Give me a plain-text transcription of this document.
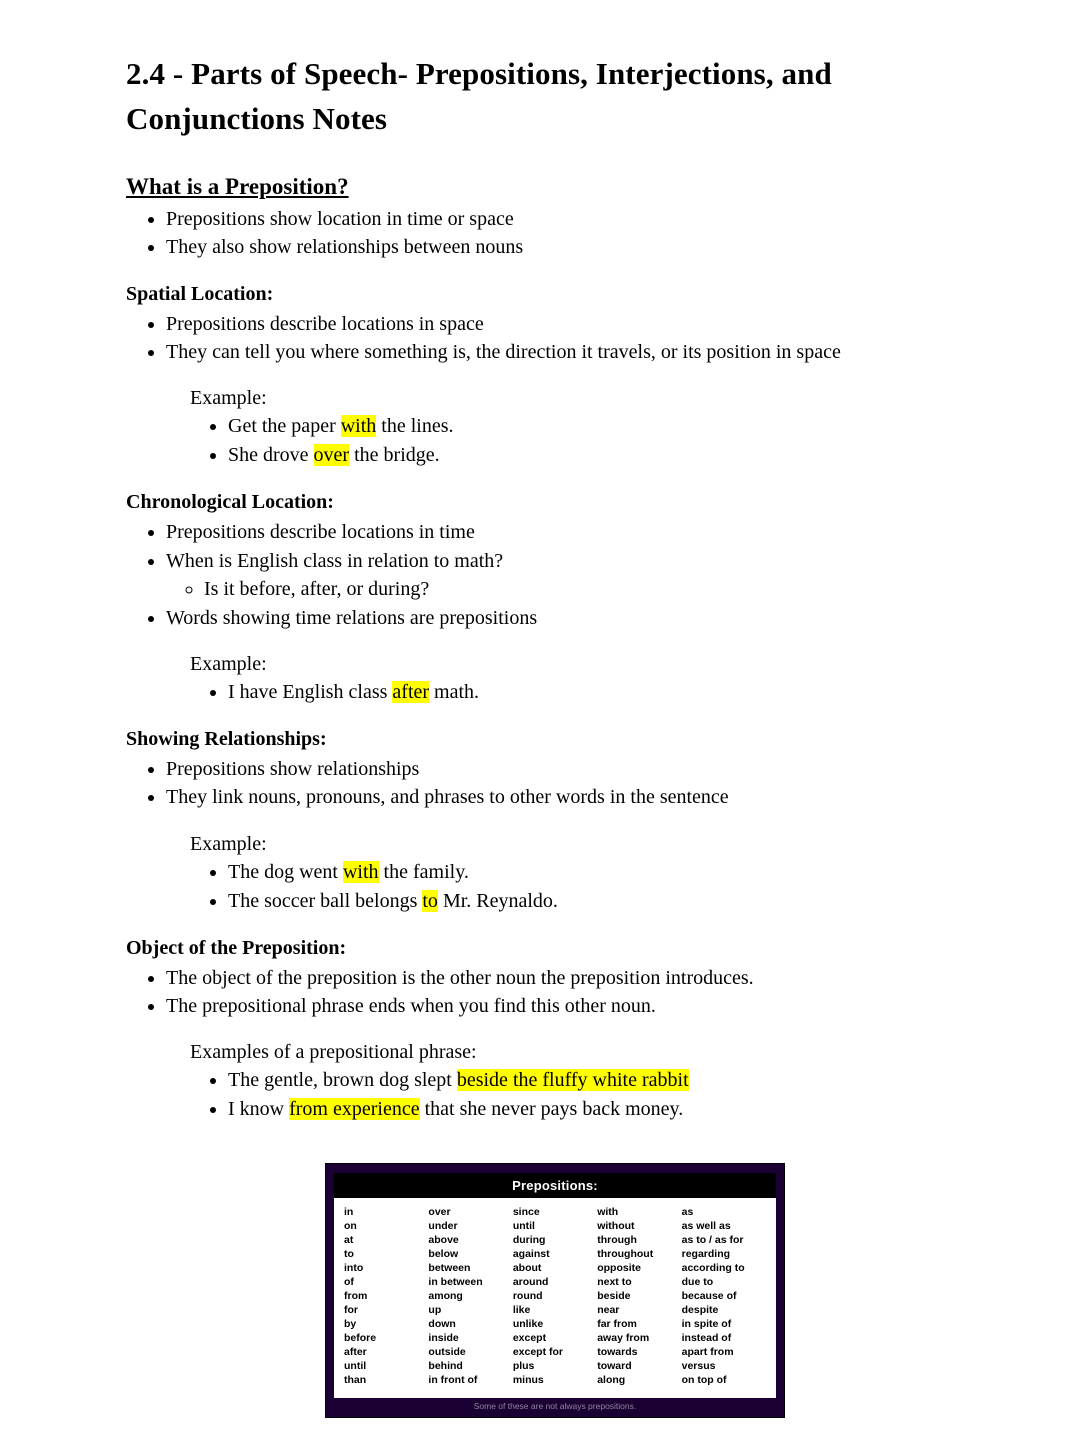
2.4 - Parts of Speech- Prepositions, Interjections, and Conjunctions Notes
What is a Preposition?
• Prepositions show location in time or space
• They also show relationships between nouns
Spatial Location:
• Prepositions describe locations in space
• They can tell you where something is, the direction it travels, or its position in space
Example:
• Get the paper with the lines.
• She drove over the bridge.
Chronological Location:
• Prepositions describe locations in time
• When is English class in relation to math?
◦ Is it before, after, or during?
• Words showing time relations are prepositions
Example:
• I have English class after math.
Showing Relationships:
• Prepositions show relationships
• They link nouns, pronouns, and phrases to other words in the sentence
Example:
• The dog went with the family.
• The soccer ball belongs to Mr. Reynaldo.
Object of the Preposition:
• The object of the preposition is the other noun the preposition introduces.
• The prepositional phrase ends when you find this other noun.
Examples of a prepositional phrase:
• The gentle, brown dog slept beside the fluffy white rabbit
• I know from experience that she never pays back money.
Prepositions:
in
on
at
to
into
of
from
for
by
before
after
until
than
over
under
above
below
between
in between
among
up
down
inside
outside
behind
in front of
since
until
during
against
about
around
round
like
unlike
except
except for
plus
minus
with
without
through
throughout
opposite
next to
beside
near
far from
away from
towards
toward
along
as
as well as
as to / as for
regarding
according to
due to
because of
despite
in spite of
instead of
apart from
versus
on top of
Some of these are not always prepositions.
